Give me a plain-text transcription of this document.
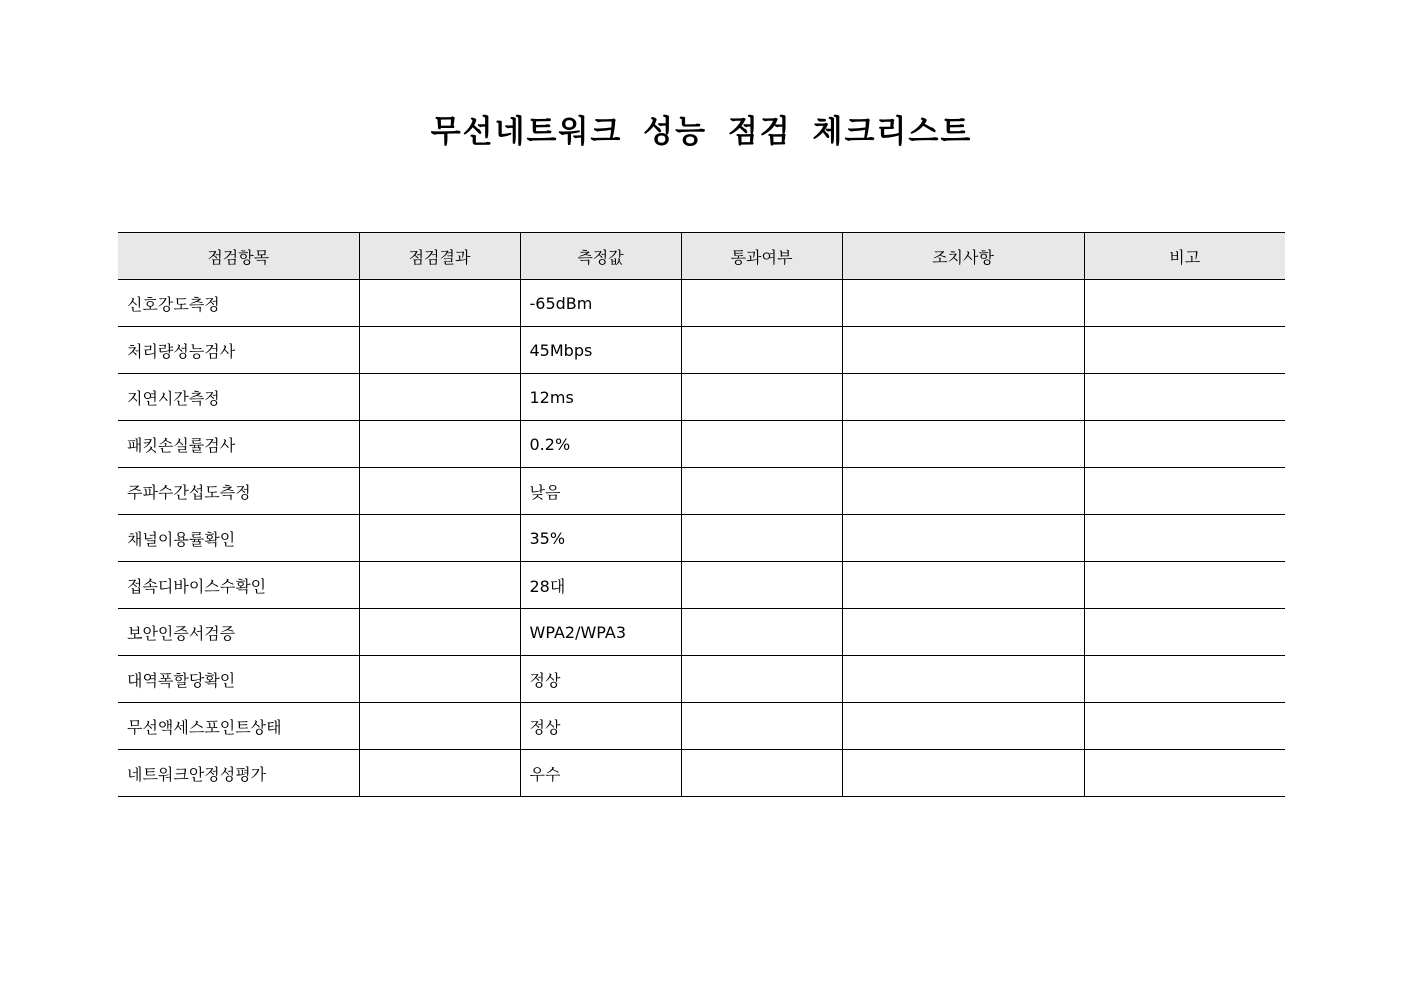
무선네트워크 성능 점검 체크리스트
점검항목	점검결과	측정값	통과여부	조치사항	비고
신호강도측정		-65dBm			
처리량성능검사		45Mbps			
지연시간측정		12ms			
패킷손실률검사		0.2%			
주파수간섭도측정		낮음			
채널이용률확인		35%			
접속디바이스수확인		28대			
보안인증서검증		WPA2/WPA3			
대역폭할당확인		정상			
무선액세스포인트상태		정상			
네트워크안정성평가		우수			
